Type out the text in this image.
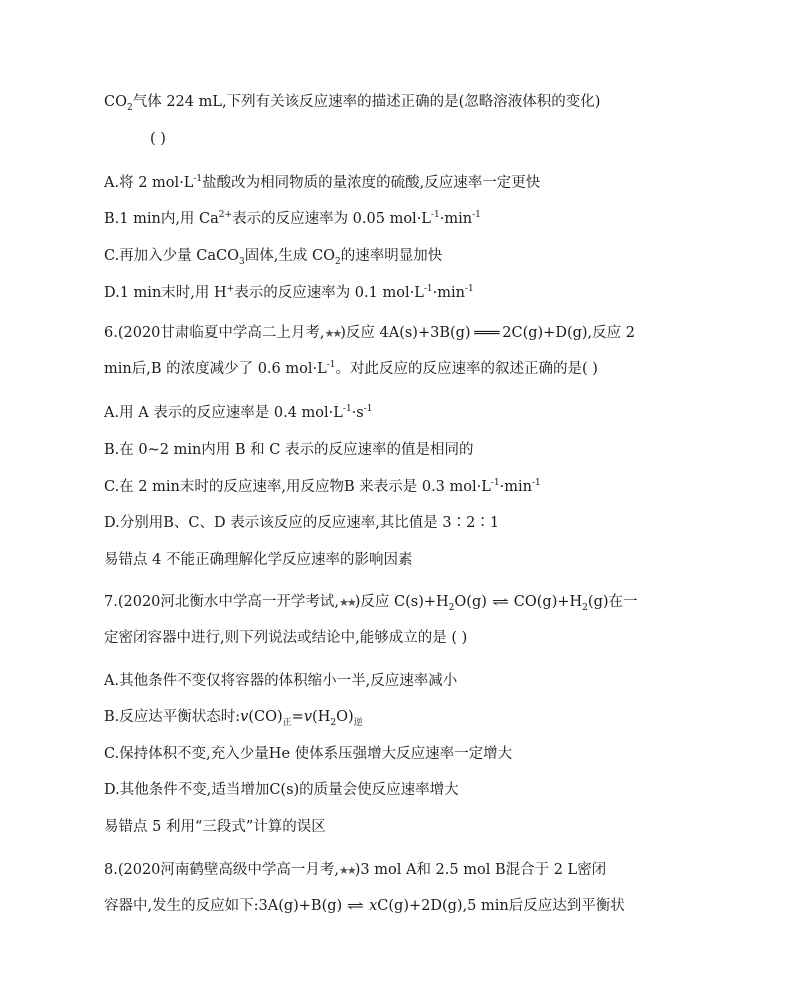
$CO_2$气体 224 mL,下列有关该反应速率的描述正确的是(忽略溶液体积的变化)
( )
A.将 2 $mol\cdot L^{-1}$盐酸改为相同物质的量浓度的硫酸,反应速率一定更快
B.1 min内,用 $Ca^{2+}$表示的反应速率为 0.05 $mol\cdot L^{-1}\cdot\min^{-1}$
C.再加入少量 CaCO$_3$固体,生成 $CO_2$的速率明显加快
D.1 min末时,用 H+表示的反应速率为 0.1 $mol\cdot L^{-1}\cdot\min^{-1}$
6.(2020甘肃临夏中学高二上月考,★★)反应 4A(s)+3B(g) ══ 2C(g)+D(g),反应 2
min后,B 的浓度减少了 0.6 $mol\cdot L^{-1}$。对此反应的反应速率的叙述正确的是( )
A.用 A 表示的反应速率是 0.4 $mol\cdot L^{-1}\cdot s^{-1}$
B.在 0~2 min内用 B 和 C 表示的反应速率的值是相同的
C.在 2 min末时的反应速率,用反应物B 来表示是 0.3 $mol\cdot L^{-1}\cdot\min^{-1}$
D.分别用B、C、D 表示该反应的反应速率,其比值是 3∶2∶1
易错点 4 不能正确理解化学反应速率的影响因素
7.(2020河北衡水中学高一开学考试,★★)反应 $C(s)+H_2O(g)$ ⇌ $CO(g)+H_2(g)$在一
定密闭容器中进行,则下列说法或结论中,能够成立的是 ( )
A.其他条件不变仅将容器的体积缩小一半,反应速率减小
B.反应达平衡状态时$:v(CO)_正=v(H_2O)_逆$
C.保持体积不变,充入少量He 使体系压强增大反应速率一定增大
D.其他条件不变,适当增加C(s)的质量会使反应速率增大
易错点 5 利用“三段式”计算的误区
8.(2020河南鹤壁高级中学高一月考,★★)3 mol A和 2.5 mol B混合于 2 L密闭
容器中,发生的反应如下:3A(g)+B(g) ⇌ xC(g)+2D(g),5 min后反应达到平衡状
